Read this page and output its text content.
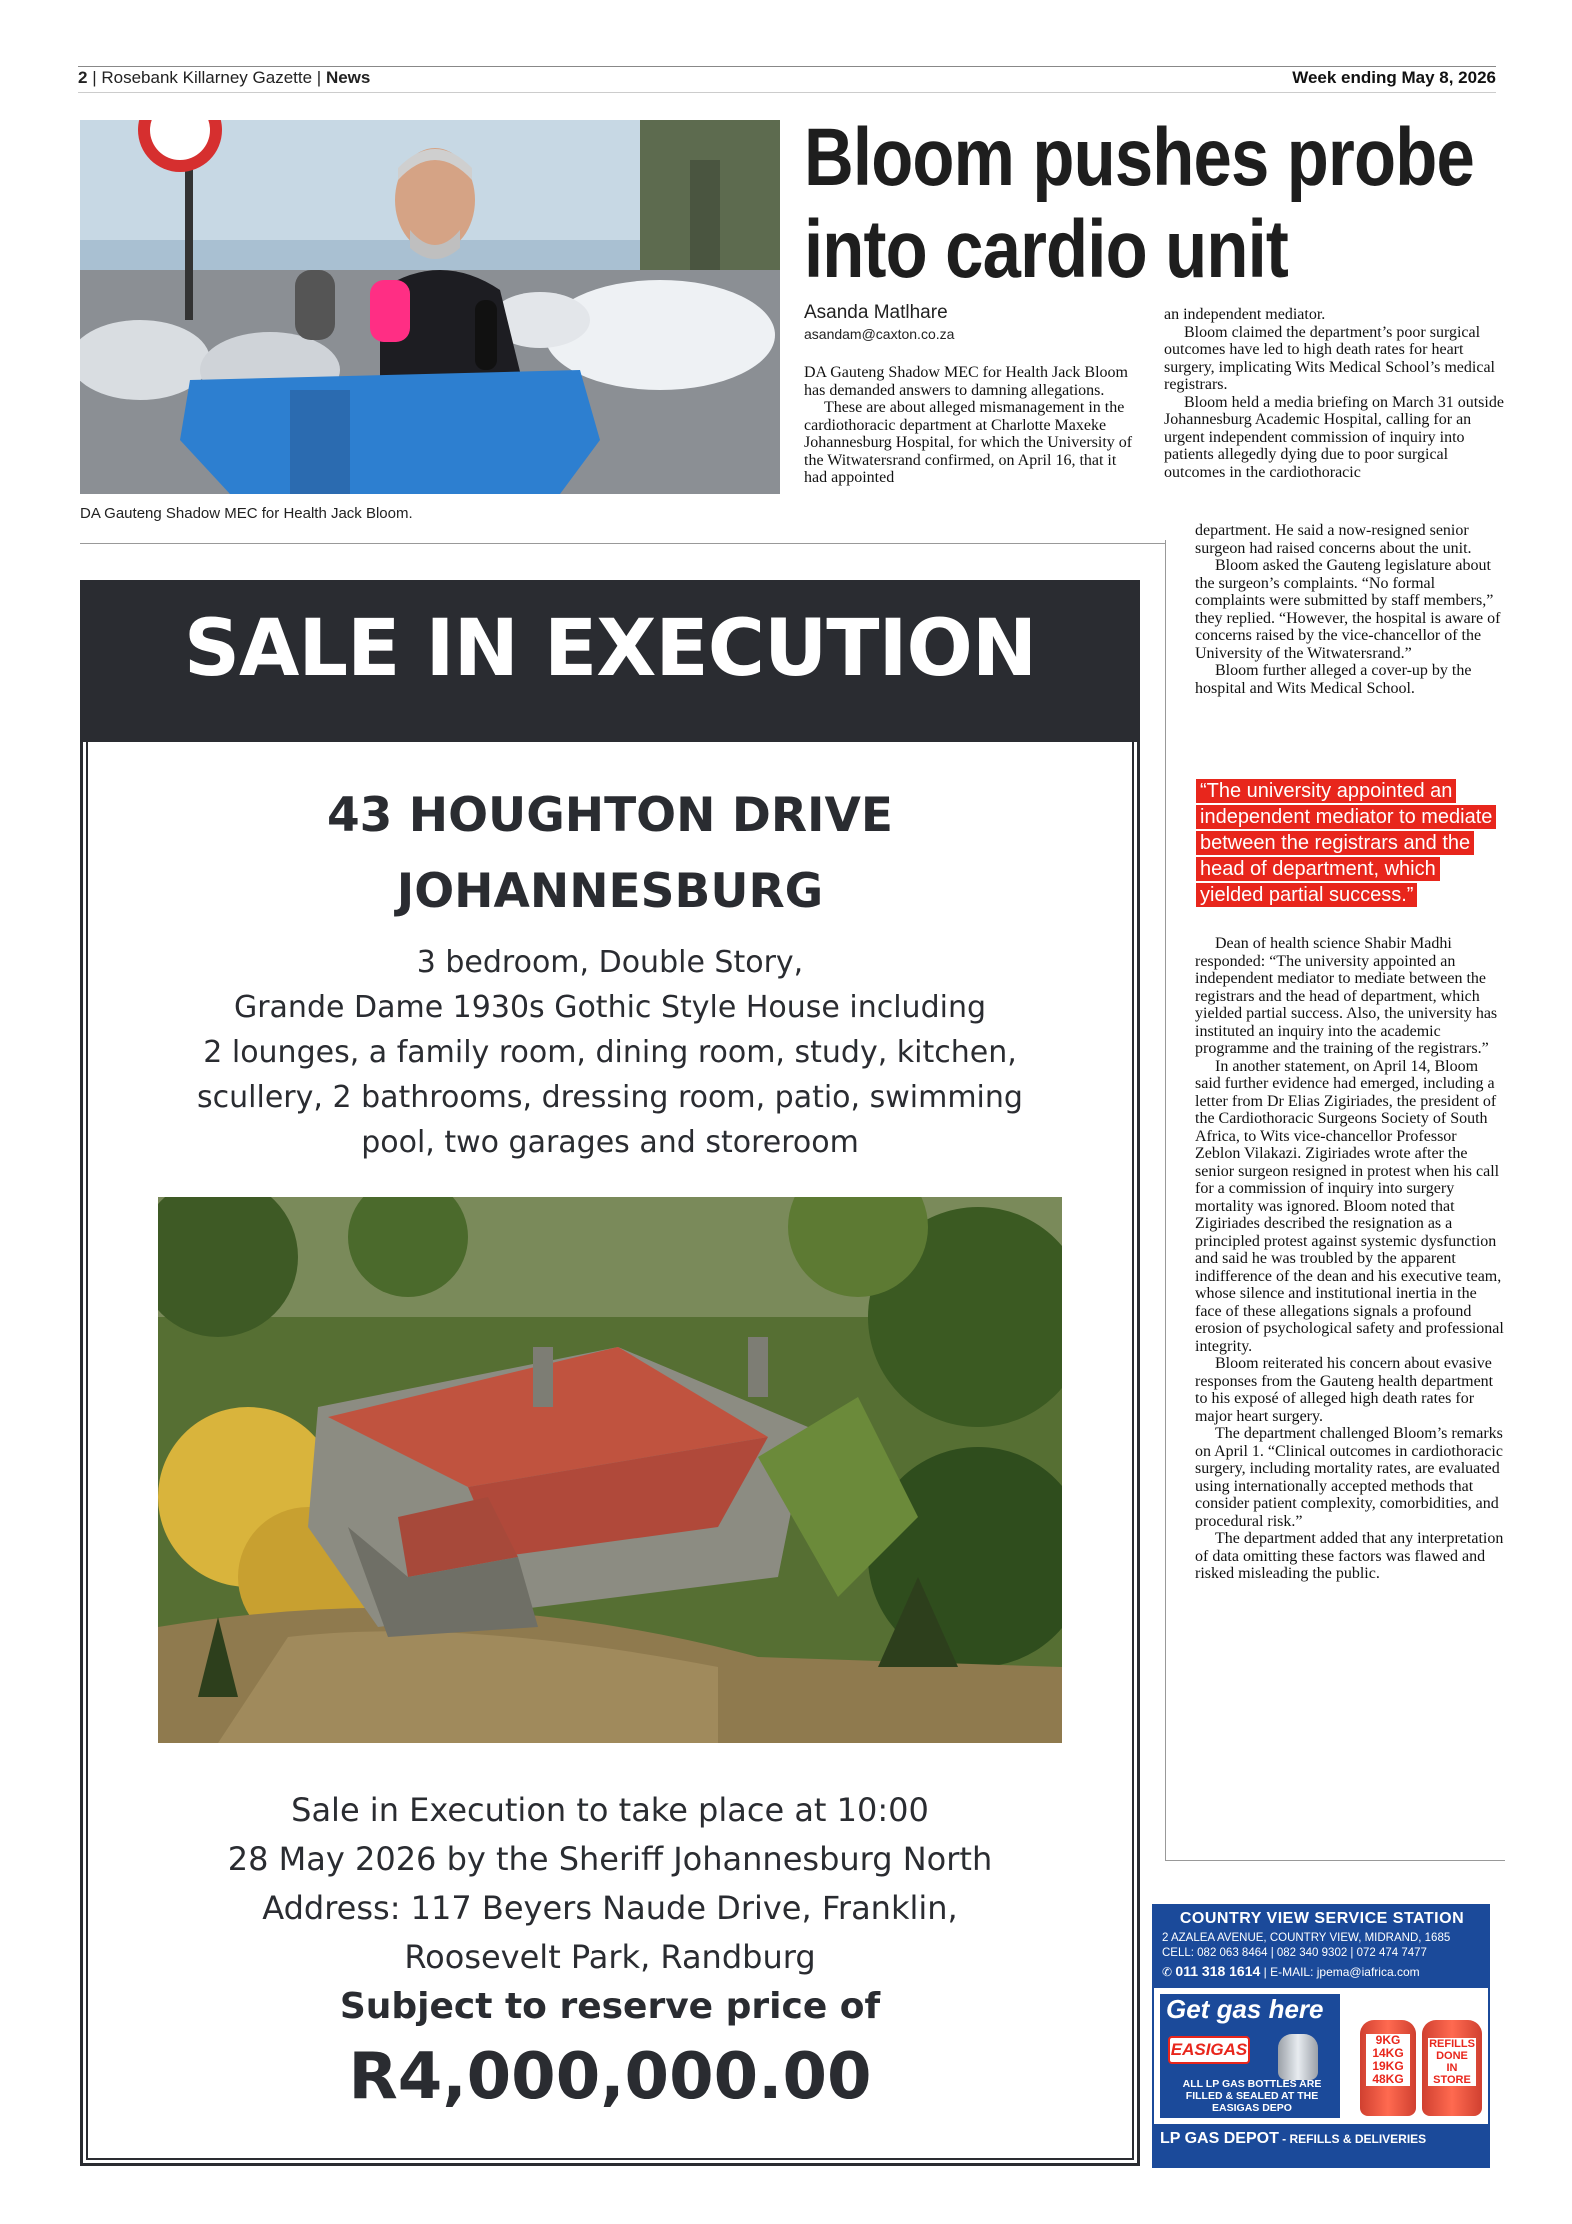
2 | Rosebank Killarney Gazette | News	Week ending May 8, 2026
DA Gauteng Shadow MEC for Health Jack Bloom.
Bloom pushes probe
into cardio unit
Asanda Matlhare
asandam@caxton.co.za

DA Gauteng Shadow MEC for Health Jack Bloom has demanded answers to damning allegations.

These are about alleged mismanagement in the cardiothoracic department at Charlotte Maxeke Johannesburg Hospital, for which the University of the Witwatersrand confirmed, on April 16, that it had appointed

an independent mediator.

Bloom claimed the department’s poor surgical outcomes have led to high death rates for heart surgery, implicating Wits Medical School’s medical registrars.

Bloom held a media briefing on March 31 outside Johannesburg Academic Hospital, calling for an urgent independent commission of inquiry into patients allegedly dying due to poor surgical outcomes in the cardiothoracic

department. He said a now-resigned senior surgeon had raised concerns about the unit.

Bloom asked the Gauteng legislature about the surgeon’s complaints. “No formal complaints were submitted by staff members,” they replied. “However, the hospital is aware of concerns raised by the vice-chancellor of the University of the Witwatersrand.”

Bloom further alleged a cover-up by the hospital and Wits Medical School.

“The university appointed an independent mediator to mediate between the registrars and the head of department, which yielded partial success.”

Dean of health science Shabir Madhi responded: “The university appointed an independent mediator to mediate between the registrars and the head of department, which yielded partial success. Also, the university has instituted an inquiry into the academic programme and the training of the registrars.”

In another statement, on April 14, Bloom said further evidence had emerged, including a letter from Dr Elias Zigiriades, the president of the Cardiothoracic Surgeons Society of South Africa, to Wits vice-chancellor Professor Zeblon Vilakazi. Zigiriades wrote after the senior surgeon resigned in protest when his call for a commission of inquiry into surgery mortality was ignored. Bloom noted that Zigiriades described the resignation as a principled protest against systemic dysfunction and said he was troubled by the apparent indifference of the dean and his executive team, whose silence and institutional inertia in the face of these allegations signals a profound erosion of psychological safety and professional integrity.

Bloom reiterated his concern about evasive responses from the Gauteng health department to his exposé of alleged high death rates for major heart surgery.

The department challenged Bloom’s remarks on April 1. “Clinical outcomes in cardiothoracic surgery, including mortality rates, are evaluated using internationally accepted methods that consider patient complexity, comorbidities, and procedural risk.”

The department added that any interpretation of data omitting these factors was flawed and risked misleading the public.

SALE IN EXECUTION
43 HOUGHTON DRIVE
JOHANNESBURG
3 bedroom, Double Story,
Grande Dame 1930s Gothic Style House including
2 lounges, a family room, dining room, study, kitchen,
scullery, 2 bathrooms, dressing room, patio, swimming
pool, two garages and storeroom
Sale in Execution to take place at 10:00
28 May 2026 by the Sheriff Johannesburg North
Address: 117 Beyers Naude Drive, Franklin,
Roosevelt Park, Randburg
Subject to reserve price of
R4,000,000.00
COUNTRY VIEW SERVICE STATION
2 AZALEA AVENUE, COUNTRY VIEW, MIDRAND, 1685
CELL: 082 063 8464 | 082 340 9302 | 072 474 7477
✆ 011 318 1614 | E-MAIL: jpema@iafrica.com
Get gas here
EASIGAS
ALL LP GAS BOTTLES ARE FILLED & SEALED AT THE EASIGAS DEPO
9KG
14KG
19KG
48KG
REFILLS
DONE
IN
STORE
LP GAS DEPOT - REFILLS & DELIVERIES
